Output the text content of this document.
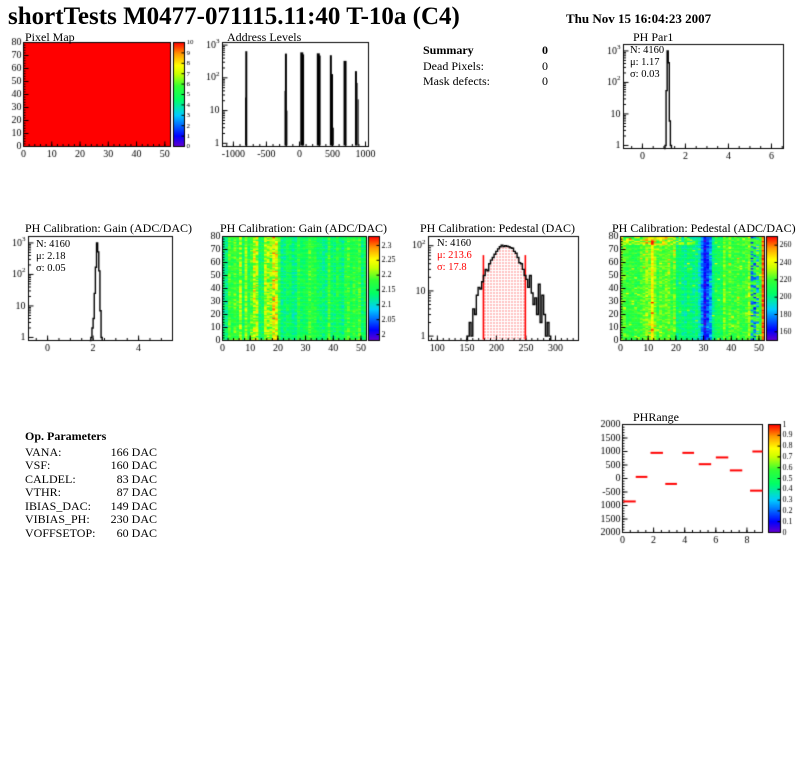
shortTests M0477-071115.11:40 T-10a (C4)	Thu Nov 15 16:04:23 2007
Pixel Map	Address Levels	PH Par1
PH Calibration: Gain (ADC/DAC) PH Calibration: Gain (ADC/DAC)	PH Calibration: Pedestal (DAC)	PH Calibration: Pedestal (ADC/DAC)
PHRange
N: 4160
μ: 1.17
σ: 0.03
N: 4160
μ: 2.18
σ: 0.05
N: 4160
μ: 213.6
σ: 17.8
Summary	0
Dead Pixels:	0
Mask defects:	0
Op. Parameters
VANA:	166 DAC
VSF:	160 DAC
CALDEL:	83 DAC
VTHR:	87 DAC
IBIAS_DAC:	149 DAC
VIBIAS_PH:	230 DAC
VOFFSETOP:	60 DAC
